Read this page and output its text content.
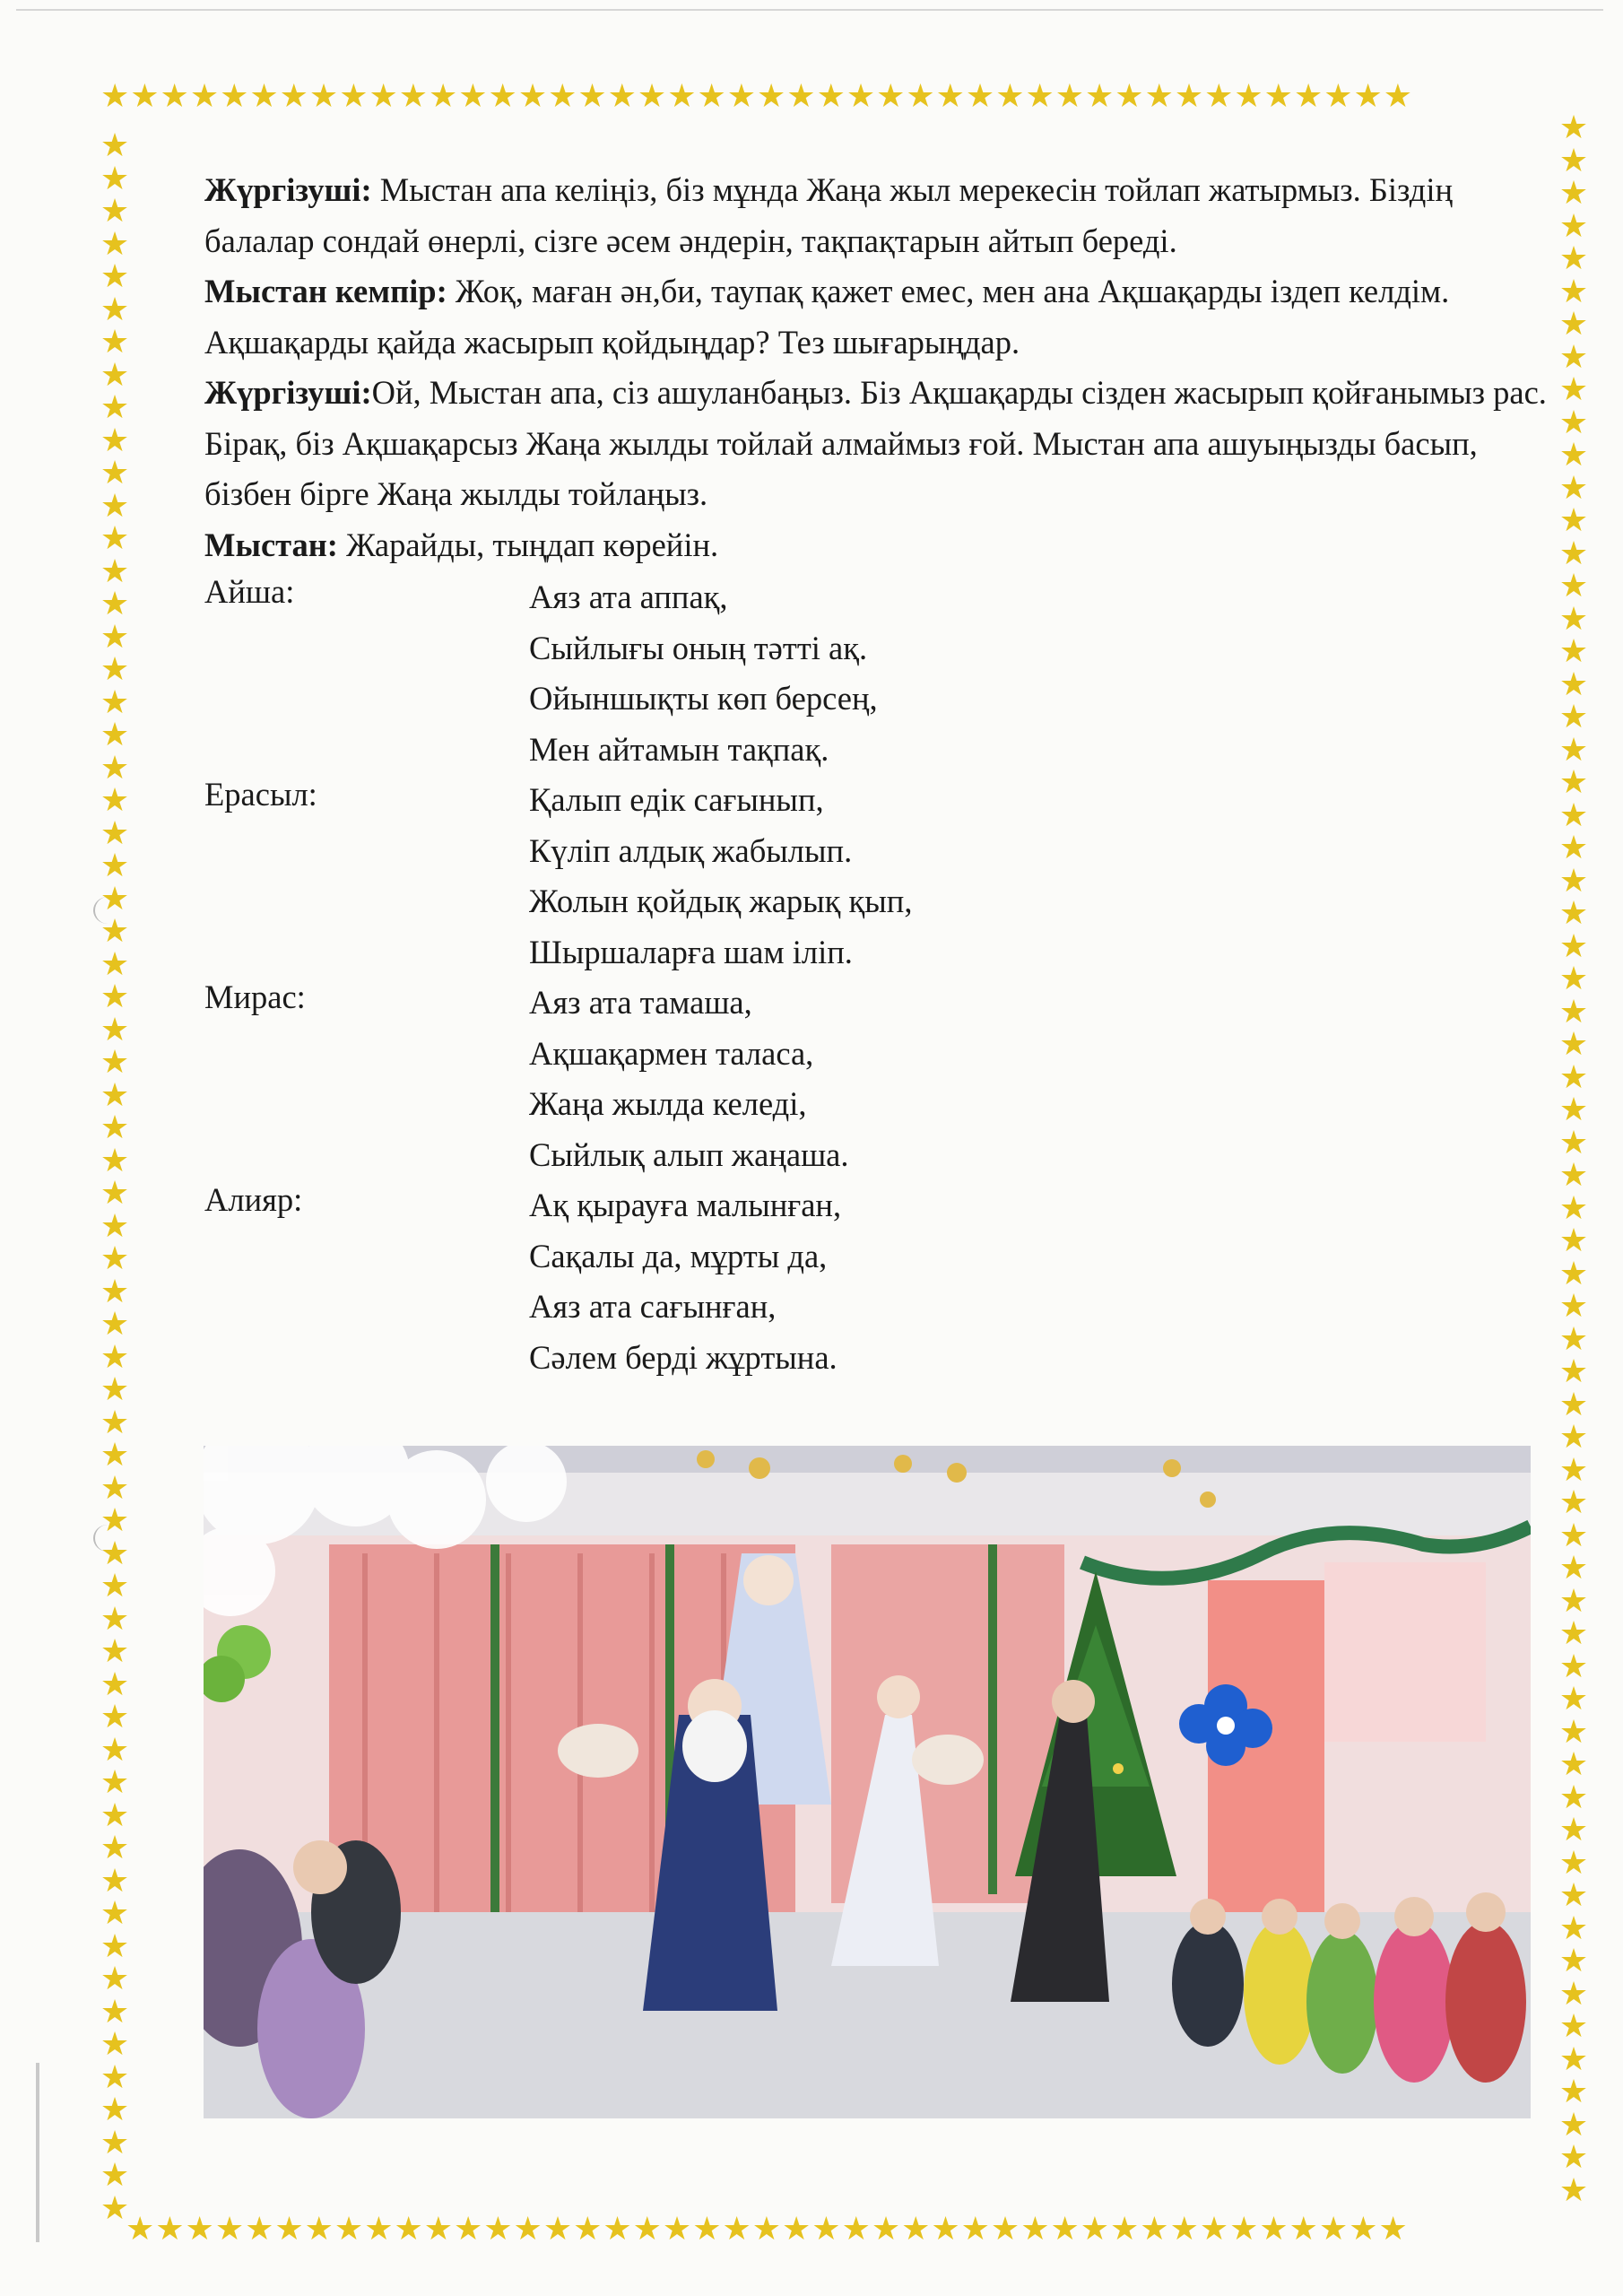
★★★★★★★★★★★★★★★★★★★★★★★★★★★★★★★★★★★★★★★★★★★★
★★★★★★★★★★★★★★★★★★★★★★★★★★★★★★★★★★★★★★★★★★★★★★★★★★★★★★★★★★★★★★★★
★★★★★★★★★★★★★★★★★★★★★★★★★★★★★★★★★★★★★★★★★★★★★★★★★★★★★★★★★★★★★★★★
★★★★★★★★★★★★★★★★★★★★★★★★★★★★★★★★★★★★★★★★★★★

Жүргізуші: Мыстан апа келіңіз, біз мұнда Жаңа жыл мерекесін тойлап жатырмыз. Біздің балалар сондай өнерлі, сізге әсем әндерін, тақпақтарын айтып береді.

Мыстан кемпір: Жоқ, маған ән,би, таупақ қажет емес, мен ана Ақшақарды іздеп келдім. Ақшақарды қайда жасырып қойдыңдар? Тез шығарыңдар.

Жүргізуші:Ой, Мыстан апа, сіз ашуланбаңыз. Біз Ақшақарды сізден жасырып қойғанымыз рас. Бірақ, біз Ақшақарсыз Жаңа жылды тойлай алмаймыз ғой. Мыстан апа ашуыңызды басып, бізбен бірге Жаңа жылды тойлаңыз.

Мыстан: Жарайды, тыңдап көрейін.

Айша:	Аяз ата аппақ,
Сыйлығы оның тәтті ақ.
Ойыншықты көп берсең,
Мен айтамын тақпақ.
Ерасыл:	Қалып едік сағынып,
Күліп алдық жабылып.
Жолын қойдық жарық қып,
Шыршаларға шам іліп.
Мирас:	Аяз ата тамаша,
Ақшақармен таласа,
Жаңа жылда келеді,
Сыйлық алып жаңаша.
Алияр:	Ақ қырауға малынған,
Сақалы да, мұрты да,
Аяз ата сағынған,
Сәлем берді жұртына.
